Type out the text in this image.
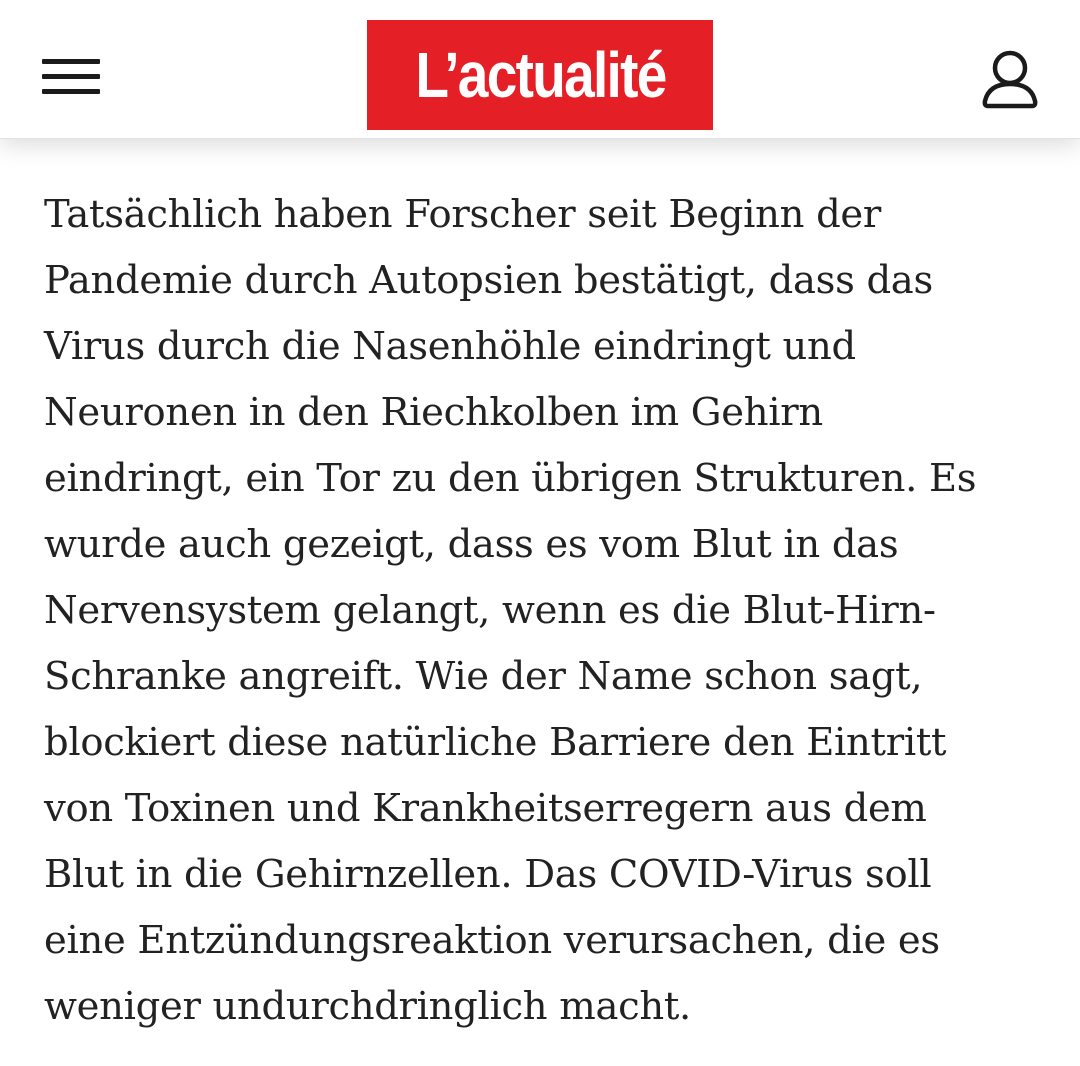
L’actualité
Tatsächlich haben Forscher seit Beginn der
Pandemie durch Autopsien bestätigt, dass das
Virus durch die Nasenhöhle eindringt und
Neuronen in den Riechkolben im Gehirn
eindringt, ein Tor zu den übrigen Strukturen. Es
wurde auch gezeigt, dass es vom Blut in das
Nervensystem gelangt, wenn es die Blut-Hirn-
Schranke angreift. Wie der Name schon sagt,
blockiert diese natürliche Barriere den Eintritt
von Toxinen und Krankheitserregern aus dem
Blut in die Gehirnzellen. Das COVID-Virus soll
eine Entzündungsreaktion verursachen, die es
weniger undurchdringlich macht.
